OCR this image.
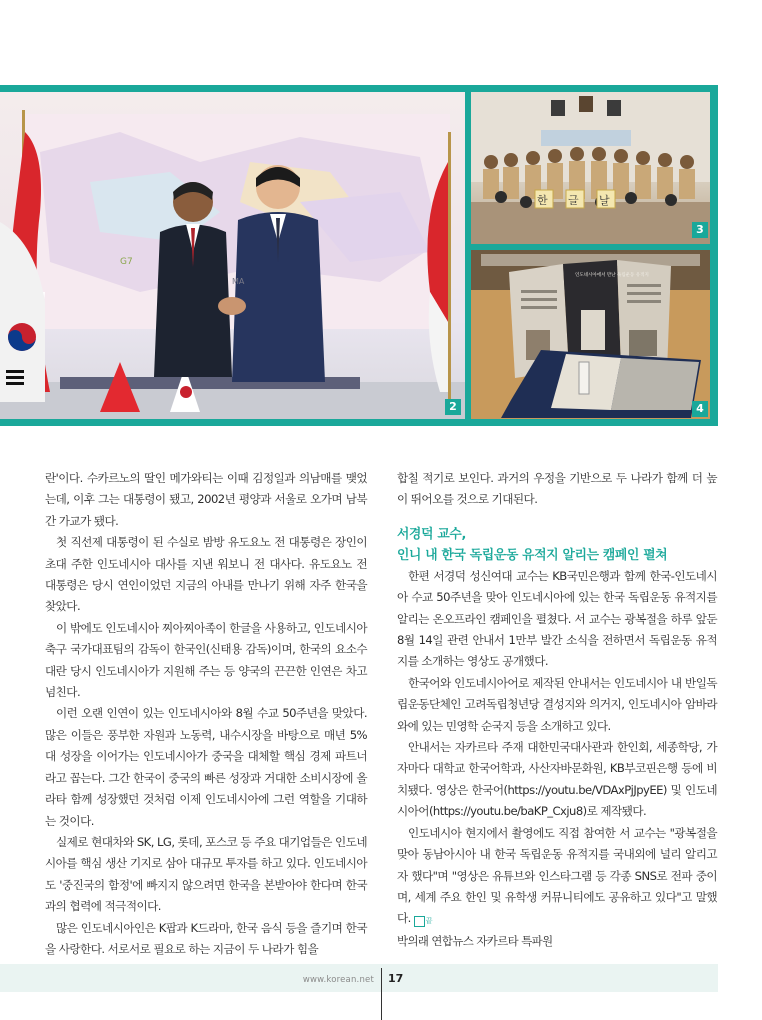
G7
MA
2
한 글 날
3
인도네시아에서 만난 독립운동 유적지
4

란'이다. 수카르노의 딸인 메가와티는 이때 김정일과 의남매를 맺었는데, 이후 그는 대통령이 됐고, 2002년 평양과 서울로 오가며 남북 간 가교가 됐다.

첫 직선제 대통령이 된 수실로 밤방 유도요노 전 대통령은 장인이 초대 주한 인도네시아 대사를 지낸 워보니 전 대사다. 유도요노 전 대통령은 당시 연인이었던 지금의 아내를 만나기 위해 자주 한국을 찾았다.

이 밖에도 인도네시아 찌아찌아족이 한글을 사용하고, 인도네시아 축구 국가대표팀의 감독이 한국인(신태용 감독)이며, 한국의 요소수 대란 당시 인도네시아가 지원해 주는 등 양국의 끈끈한 인연은 차고 넘친다.

이런 오랜 인연이 있는 인도네시아와 8월 수교 50주년을 맞았다. 많은 이들은 풍부한 자원과 노동력, 내수시장을 바탕으로 매년 5%대 성장을 이어가는 인도네시아가 중국을 대체할 핵심 경제 파트너라고 꼽는다. 그간 한국이 중국의 빠른 성장과 거대한 소비시장에 올라타 함께 성장했던 것처럼 이제 인도네시아에 그런 역할을 기대하는 것이다.

실제로 현대차와 SK, LG, 롯데, 포스코 등 주요 대기업들은 인도네시아를 핵심 생산 기지로 삼아 대규모 투자를 하고 있다. 인도네시아도 '중진국의 함정'에 빠지지 않으려면 한국을 본받아야 한다며 한국과의 협력에 적극적이다.

많은 인도네시아인은 K팝과 K드라마, 한국 음식 등을 즐기며 한국을 사랑한다. 서로서로 필요로 하는 지금이 두 나라가 힘을

합칠 적기로 보인다. 과거의 우정을 기반으로 두 나라가 함께 더 높이 뛰어오를 것으로 기대된다.

서경덕 교수,
인니 내 한국 독립운동 유적지 알리는 캠페인 펼쳐

한편 서경덕 성신여대 교수는 KB국민은행과 함께 한국-인도네시아 수교 50주년을 맞아 인도네시아에 있는 한국 독립운동 유적지를 알리는 온오프라인 캠페인을 펼쳤다. 서 교수는 광복절을 하루 앞둔 8월 14일 관련 안내서 1만부 발간 소식을 전하면서 독립운동 유적지를 소개하는 영상도 공개했다.

한국어와 인도네시아어로 제작된 안내서는 인도네시아 내 반일독립운동단체인 고려독립청년당 결성지와 의거지, 인도네시아 암바라와에 있는 민영학 순국지 등을 소개하고 있다.

안내서는 자카르타 주재 대한민국대사관과 한인회, 세종학당, 가자마다 대학교 한국어학과, 사산자바문화원, KB부코핀은행 등에 비치됐다. 영상은 한국어(https://youtu.be/VDAxPjJpyEE) 및 인도네시아어(https://youtu.be/baKP_Cxju8)로 제작됐다.

인도네시아 현지에서 촬영에도 직접 참여한 서 교수는 "광복절을 맞아 동남아시아 내 한국 독립운동 유적지를 국내외에 널리 알리고자 했다"며 "영상은 유튜브와 인스타그램 등 각종 SNS로 전파 중이며, 세계 주요 한인 및 유학생 커뮤니티에도 공유하고 있다"고 말했다. 끝

박의래 연합뉴스 자카르타 특파원

www.korean.net 17
